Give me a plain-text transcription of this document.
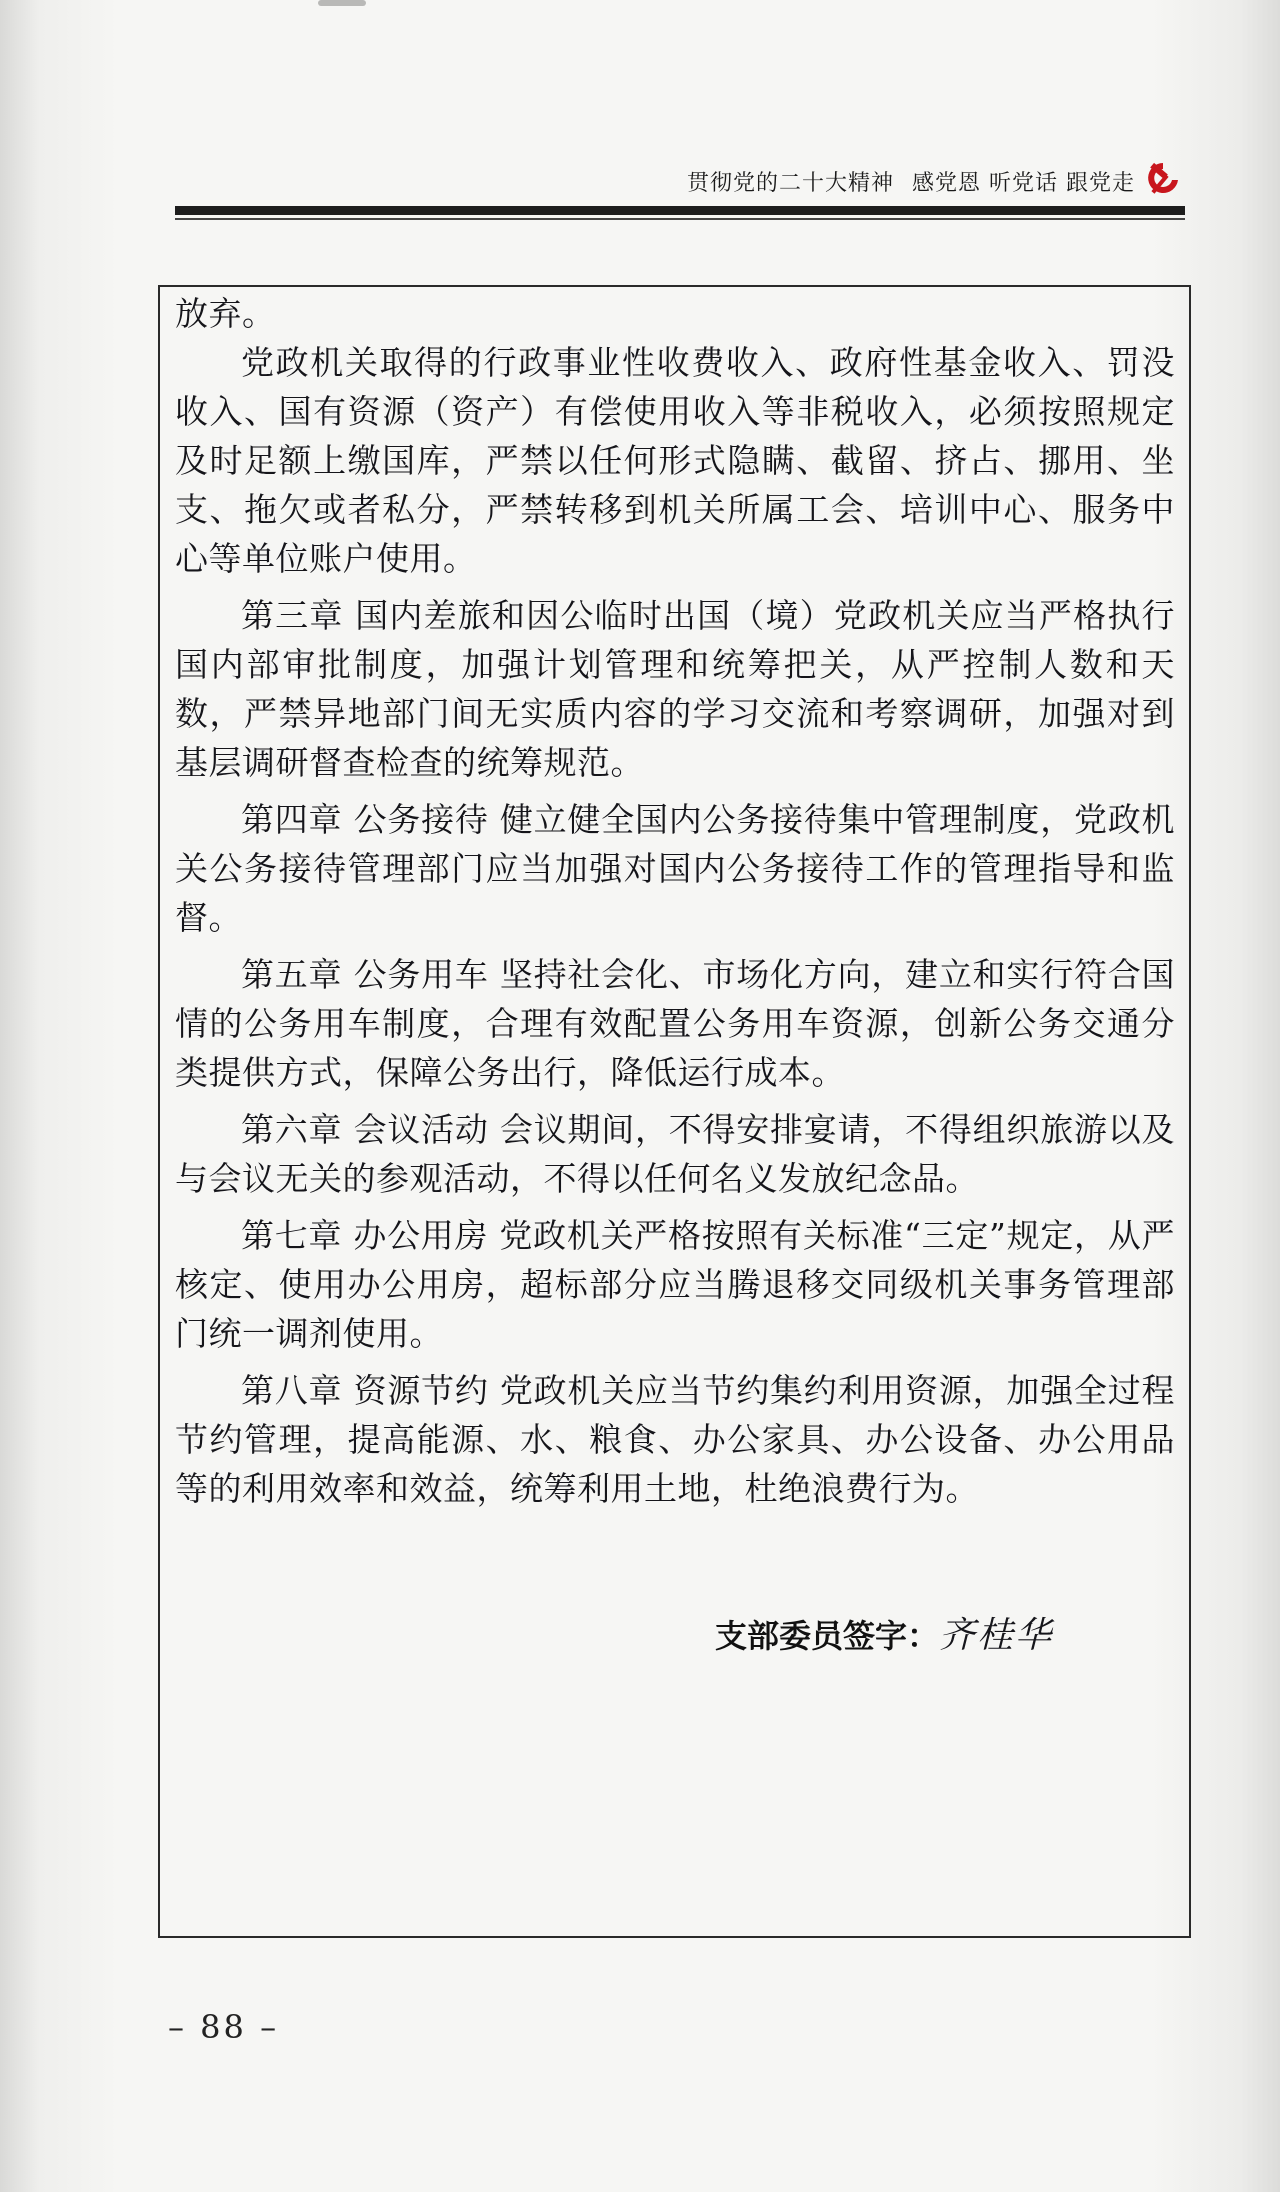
贯彻党的二十大精神 感党恩 听党话 跟党走

放弃。

党政机关取得的行政事业性收费收入、政府性基金收入、罚没收入、国有资源（资产）有偿使用收入等非税收入，必须按照规定及时足额上缴国库，严禁以任何形式隐瞒、截留、挤占、挪用、坐支、拖欠或者私分，严禁转移到机关所属工会、培训中心、服务中心等单位账户使用。

第三章 国内差旅和因公临时出国（境）党政机关应当严格执行国内部审批制度，加强计划管理和统筹把关，从严控制人数和天数，严禁异地部门间无实质内容的学习交流和考察调研，加强对到基层调研督查检查的统筹规范。

第四章 公务接待 健立健全国内公务接待集中管理制度，党政机关公务接待管理部门应当加强对国内公务接待工作的管理指导和监督。

第五章 公务用车 坚持社会化、市场化方向，建立和实行符合国情的公务用车制度，合理有效配置公务用车资源，创新公务交通分类提供方式，保障公务出行，降低运行成本。

第六章 会议活动 会议期间，不得安排宴请，不得组织旅游以及与会议无关的参观活动，不得以任何名义发放纪念品。

第七章 办公用房 党政机关严格按照有关标准“三定”规定，从严核定、使用办公用房，超标部分应当腾退移交同级机关事务管理部门统一调剂使用。

第八章 资源节约 党政机关应当节约集约利用资源，加强全过程节约管理，提高能源、水、粮食、办公家具、办公设备、办公用品等的利用效率和效益，统筹利用土地，杜绝浪费行为。

支部委员签字：齐桂华
– 88 –
